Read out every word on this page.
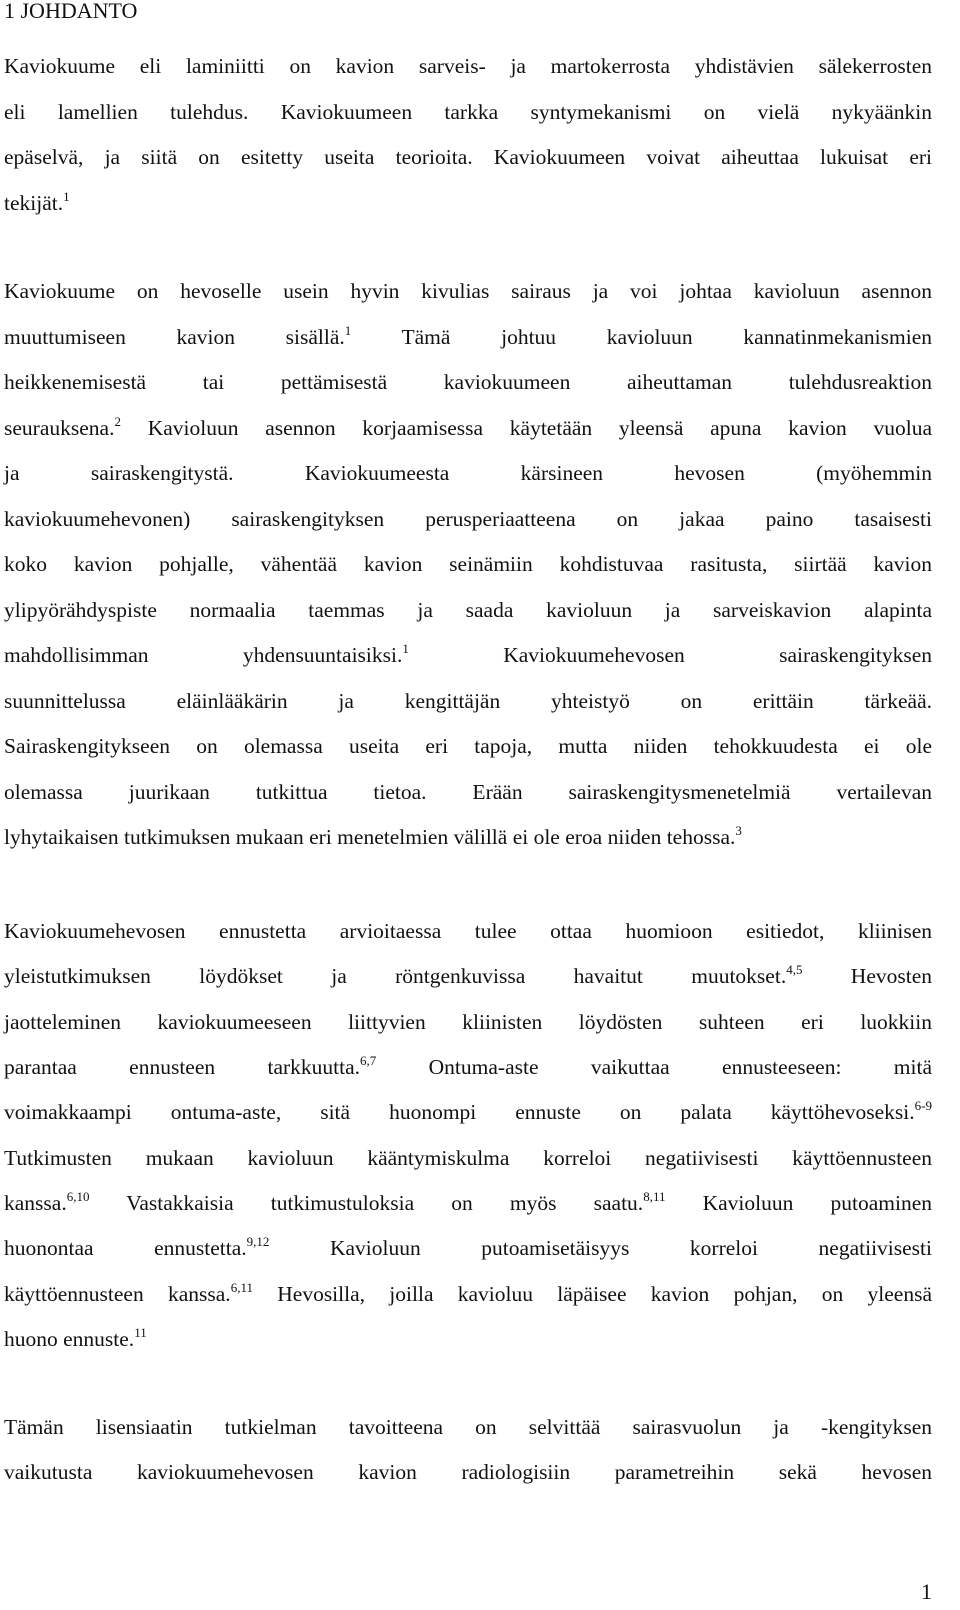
1 JOHDANTO
Kaviokuume eli laminiitti on kavion sarveis- ja martokerrosta yhdistävien sälekerrosten
eli lamellien tulehdus. Kaviokuumeen tarkka syntymekanismi on vielä nykyäänkin
epäselvä, ja siitä on esitetty useita teorioita. Kaviokuumeen voivat aiheuttaa lukuisat eri
tekijät.$^1$
Kaviokuume on hevoselle usein hyvin kivulias sairaus ja voi johtaa kavioluun asennon
muuttumiseen kavion sisällä.$^1$ Tämä johtuu kavioluun kannatinmekanismien
heikkenemisestä tai pettämisestä kaviokuumeen aiheuttaman tulehdusreaktion
seurauksena.$^2$ Kavioluun asennon korjaamisessa käytetään yleensä apuna kavion vuolua
ja sairaskengitystä. Kaviokuumeesta kärsineen hevosen (myöhemmin
kaviokuumehevonen) sairaskengityksen perusperiaatteena on jakaa paino tasaisesti
koko kavion pohjalle, vähentää kavion seinämiin kohdistuvaa rasitusta, siirtää kavion
ylipyörähdyspiste normaalia taemmas ja saada kavioluun ja sarveiskavion alapinta
mahdollisimman yhdensuuntaisiksi.$^1$ Kaviokuumehevosen sairaskengityksen
suunnittelussa eläinlääkärin ja kengittäjän yhteistyö on erittäin tärkeää.
Sairaskengitykseen on olemassa useita eri tapoja, mutta niiden tehokkuudesta ei ole
olemassa juurikaan tutkittua tietoa. Erään sairaskengitysmenetelmiä vertailevan
lyhytaikaisen tutkimuksen mukaan eri menetelmien välillä ei ole eroa niiden tehossa.$^3$
Kaviokuumehevosen ennustetta arvioitaessa tulee ottaa huomioon esitiedot, kliinisen
yleistutkimuksen löydökset ja röntgenkuvissa havaitut muutokset.$^{4,5}$ Hevosten
jaotteleminen kaviokuumeeseen liittyvien kliinisten löydösten suhteen eri luokkiin
parantaa ennusteen tarkkuutta.$^{6,7}$ Ontuma-aste vaikuttaa ennusteeseen: mitä
voimakkaampi ontuma-aste, sitä huonompi ennuste on palata käyttöhevoseksi.$^{6-9}$
Tutkimusten mukaan kavioluun kääntymiskulma korreloi negatiivisesti käyttöennusteen
kanssa.$^{6,10}$ Vastakkaisia tutkimustuloksia on myös saatu.$^{8,11}$ Kavioluun putoaminen
huonontaa ennustetta.$^{9,12}$ Kavioluun putoamisetäisyys korreloi negatiivisesti
käyttöennusteen kanssa.$^{6,11}$ Hevosilla, joilla kavioluu läpäisee kavion pohjan, on yleensä
huono ennuste.$^{11}$
Tämän lisensiaatin tutkielman tavoitteena on selvittää sairasvuolun ja -kengityksen
vaikutusta kaviokuumehevosen kavion radiologisiin parametreihin sekä hevosen
1
